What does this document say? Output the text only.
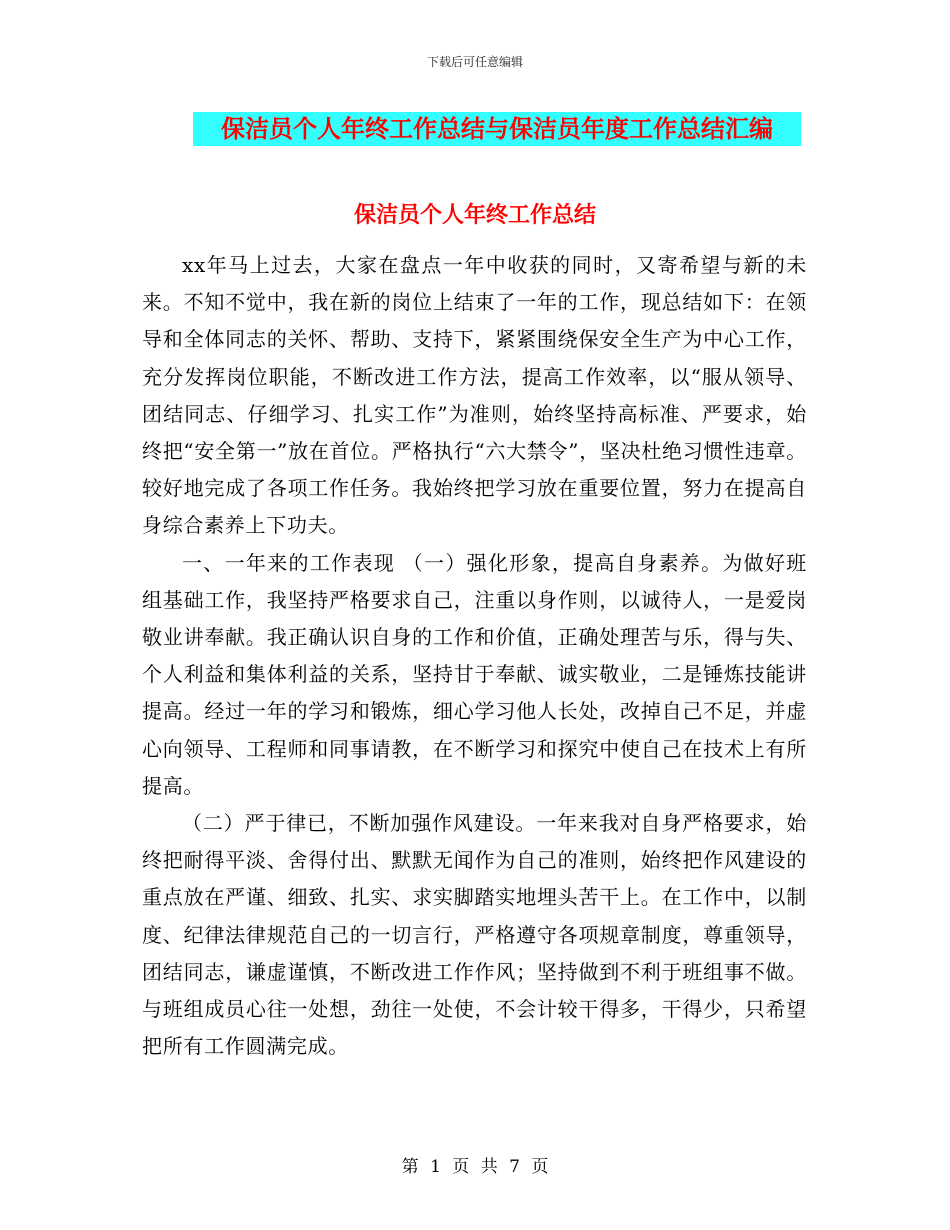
下载后可任意编辑
保洁员个人年终工作总结与保洁员年度工作总结汇编
保洁员个人年终工作总结

xx年马上过去，大家在盘点一年中收获的同时，又寄希望与新的未来。不知不觉中，我在新的岗位上结束了一年的工作，现总结如下：在领导和全体同志的关怀、帮助、支持下，紧紧围绕保安全生产为中心工作，充分发挥岗位职能，不断改进工作方法，提高工作效率，以“服从领导、团结同志、仔细学习、扎实工作”为准则，始终坚持高标准、严要求，始终把“安全第一”放在首位。严格执行“六大禁令”，坚决杜绝习惯性违章。较好地完成了各项工作任务。我始终把学习放在重要位置，努力在提高自身综合素养上下功夫。

一、一年来的工作表现 （一）强化形象，提高自身素养。为做好班组基础工作，我坚持严格要求自己，注重以身作则，以诚待人，一是爱岗敬业讲奉献。我正确认识自身的工作和价值，正确处理苦与乐，得与失、个人利益和集体利益的关系，坚持甘于奉献、诚实敬业，二是锤炼技能讲提高。经过一年的学习和锻炼，细心学习他人长处，改掉自己不足，并虚心向领导、工程师和同事请教，在不断学习和探究中使自己在技术上有所提高。

（二）严于律已，不断加强作风建设。一年来我对自身严格要求，始终把耐得平淡、舍得付出、默默无闻作为自己的准则，始终把作风建设的重点放在严谨、细致、扎实、求实脚踏实地埋头苦干上。在工作中，以制度、纪律法律规范自己的一切言行，严格遵守各项规章制度，尊重领导，团结同志，谦虚谨慎，不断改进工作作风；坚持做到不利于班组事不做。与班组成员心往一处想，劲往一处使，不会计较干得多，干得少，只希望把所有工作圆满完成。

第 1 页 共 7 页
